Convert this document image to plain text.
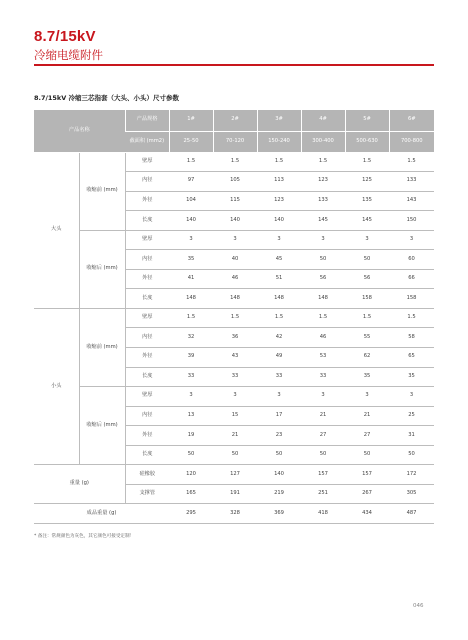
8.7/15kV
冷缩电缆附件
8.7/15kV 冷缩三芯指套（大头、小头）尺寸参数
产品名称		产品规格	1#	2#	3#	4#	5#	6#
		截面积 (mm2)	25-50	70-120	150-240	300-400	500-630	700-800
大头	收缩前 (mm)	壁厚	1.5	1.5	1.5	1.5	1.5	1.5
		内径	97	105	113	123	125	133
		外径	104	115	123	133	135	143
		长度	140	140	140	145	145	150
	收缩后 (mm)	壁厚	3	3	3	3	3	3
		内径	35	40	45	50	50	60
		外径	41	46	51	56	56	66
		长度	148	148	148	148	158	158
小头	收缩前 (mm)	壁厚	1.5	1.5	1.5	1.5	1.5	1.5
		内径	32	36	42	46	55	58
		外径	39	43	49	53	62	65
		长度	33	33	33	33	35	35
	收缩后 (mm)	壁厚	3	3	3	3	3	3
		内径	13	15	17	21	21	25
		外径	19	21	23	27	27	31
		长度	50	50	50	50	50	50
重量 (g)		硅橡胶	120	127	140	157	157	172
		支撑管	165	191	219	251	267	305
成品重量 (g)			295	328	369	418	434	487
* 备注：常规颜色为灰色，其它颜色可接受定制！
046
